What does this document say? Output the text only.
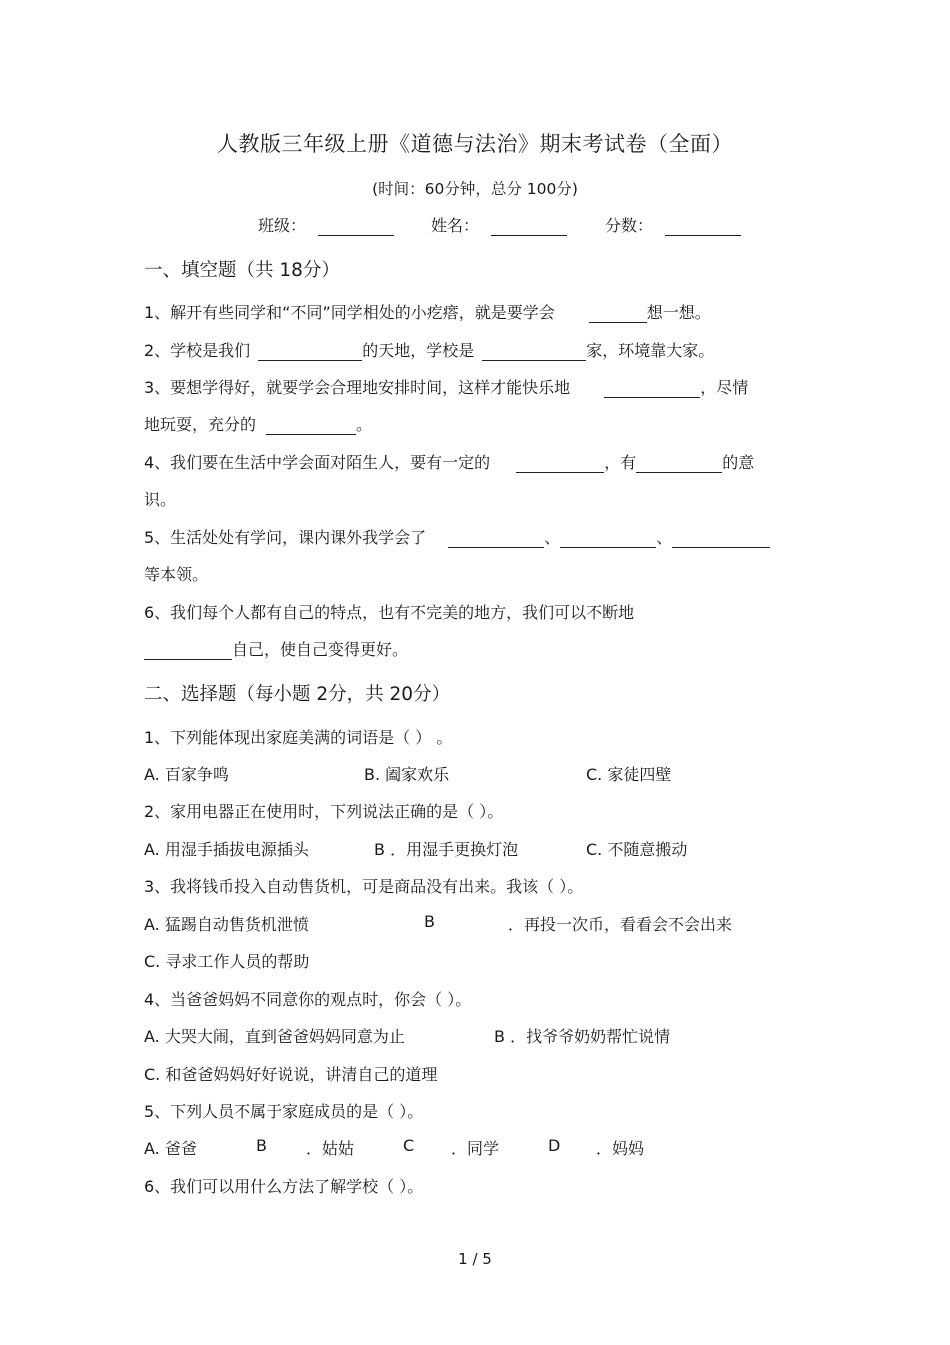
人教版三年级上册《道德与法治》期末考试卷（全面）
(时间：60分钟，总分 100分)
班级：	姓名：	分数：
一、填空题（共 18分）
1、解开有些同学和“不同”同学相处的小疙瘩，就是要学会	想一想。
2、学校是我们	的天地，学校是	家，环境靠大家。
3、要想学得好，就要学会合理地安排时间，这样才能快乐地	，尽情
地玩耍，充分的	。
4、我们要在生活中学会面对陌生人，要有一定的	，有	的意
识。
5、生活处处有学问，课内课外我学会了	、	、
等本领。
6、我们每个人都有自己的特点，也有不完美的地方，我们可以不断地
自己，使自己变得更好。
二、选择题（每小题 2分，共 20分）
1、下列能体现出家庭美满的词语是（ ） 。
A. 百家争鸣	B. 阖家欢乐	C. 家徒四壁
2、家用电器正在使用时，下列说法正确的是（ ）。
A. 用湿手插拔电源插头	B ．用湿手更换灯泡	C. 不随意搬动
3、我将钱币投入自动售货机，可是商品没有出来。我该（ ）。
A. 猛踢自动售货机泄愤	B	．再投一次币，看看会不会出来
C. 寻求工作人员的帮助
4、当爸爸妈妈不同意你的观点时，你会（ ）。
A. 大哭大闹，直到爸爸妈妈同意为止	B ．找爷爷奶奶帮忙说情
C. 和爸爸妈妈好好说说，讲清自己的道理
5、下列人员不属于家庭成员的是（ ）。
A. 爸爸	B ．姑姑	C ．同学	D ．妈妈
6、我们可以用什么方法了解学校（ ）。
1 / 5
